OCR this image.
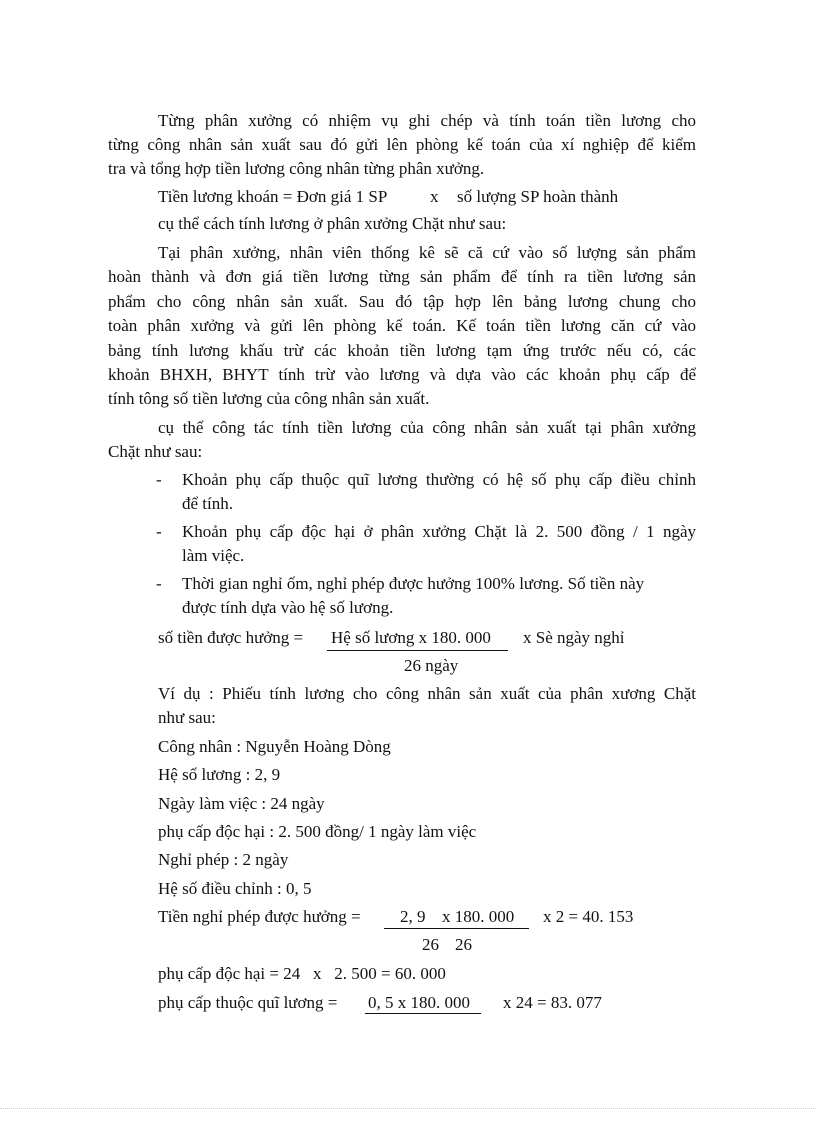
Từng phân xưởng có nhiệm vụ ghi chép và tính toán tiền lương cho
từng công nhân sản xuất sau đó gửi lên phòng kế toán của xí nghiệp để kiểm
tra và tổng hợp tiền lương công nhân từng phân xưởng.
Tiền lương khoán = Đơn giá 1 SP	x số lượng SP hoàn thành
cụ thể cách tính lương ở phân xưởng Chặt như sau:
Tại phân xưởng, nhân viên thống kê sẽ că cứ vào số lượng sản phẩm
hoàn thành và đơn giá tiền lương từng sản phẩm để tính ra tiền lương sản
phẩm cho công nhân sản xuất. Sau đó tập hợp lên bảng lương chung cho
toàn phân xưởng và gửi lên phòng kế toán. Kế toán tiền lương căn cứ vào
bảng tính lương khấu trừ các khoản tiền lương tạm ứng trước nếu có, các
khoản BHXH, BHYT tính trừ vào lương và dựa vào các khoản phụ cấp để
tính tông số tiền lương của công nhân sản xuất.
cụ thể công tác tính tiền lương của công nhân sản xuất tại phân xưởng
Chặt như sau:
- Khoản phụ cấp thuộc quĩ lương thường có hệ số phụ cấp điều chỉnh
để tính.
- Khoản phụ cấp độc hại ở phân xưởng Chặt là 2. 500 đồng / 1 ngày
làm việc.
- Thời gian nghỉ ốm, nghỉ phép được hưởng 100% lương. Số tiền này
được tính dựa vào hệ số lương.
số tiền được hưởng = Hệ số lương x 180. 000 x Sè ngày nghỉ
26 ngày
Ví dụ : Phiếu tính lương cho công nhân sản xuất của phân xương Chặt
như sau:
Công nhân : Nguyễn Hoàng Dòng
Hệ số lương : 2, 9
Ngày làm việc : 24 ngày
phụ cấp độc hại : 2. 500 đồng/ 1 ngày làm việc
Nghỉ phép : 2 ngày
Hệ số điều chỉnh : 0, 5
Tiền nghỉ phép được hưởng = 2, 9 x 180. 000 x 2 = 40. 153
26 26
phụ cấp độc hại = 24   x   2. 500 = 60. 000
phụ cấp thuộc quĩ lương = 0, 5 x 180. 000 x 24 = 83. 077
